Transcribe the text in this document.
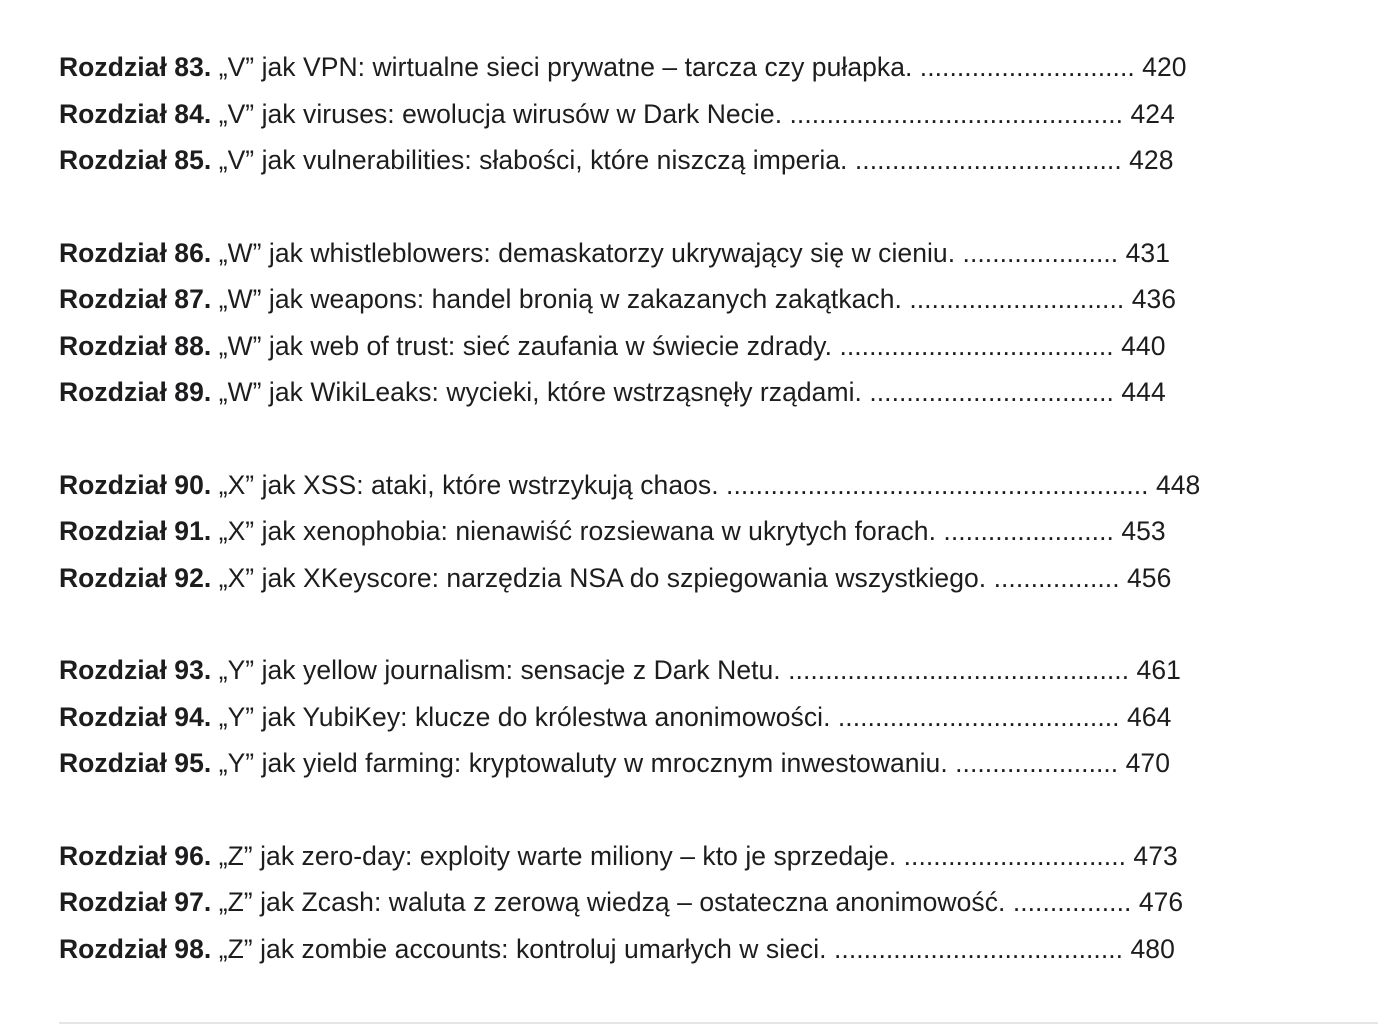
Rozdział 83. „V” jak VPN: wirtualne sieci prywatne – tarcza czy pułapka. ............................. 420
Rozdział 84. „V” jak viruses: ewolucja wirusów w Dark Necie. ............................................. 424
Rozdział 85. „V” jak vulnerabilities: słabości, które niszczą imperia. .................................... 428
Rozdział 86. „W” jak whistleblowers: demaskatorzy ukrywający się w cieniu. ..................... 431
Rozdział 87. „W” jak weapons: handel bronią w zakazanych zakątkach. ............................. 436
Rozdział 88. „W” jak web of trust: sieć zaufania w świecie zdrady. ..................................... 440
Rozdział 89. „W” jak WikiLeaks: wycieki, które wstrząsnęły rządami. ................................. 444
Rozdział 90. „X” jak XSS: ataki, które wstrzykują chaos. ......................................................... 448
Rozdział 91. „X” jak xenophobia: nienawiść rozsiewana w ukrytych forach. ....................... 453
Rozdział 92. „X” jak XKeyscore: narzędzia NSA do szpiegowania wszystkiego. ................. 456
Rozdział 93. „Y” jak yellow journalism: sensacje z Dark Netu. .............................................. 461
Rozdział 94. „Y” jak YubiKey: klucze do królestwa anonimowości. ...................................... 464
Rozdział 95. „Y” jak yield farming: kryptowaluty w mrocznym inwestowaniu. ...................... 470
Rozdział 96. „Z” jak zero-day: exploity warte miliony – kto je sprzedaje. .............................. 473
Rozdział 97. „Z” jak Zcash: waluta z zerową wiedzą – ostateczna anonimowość. ................ 476
Rozdział 98. „Z” jak zombie accounts: kontroluj umarłych w sieci. ....................................... 480
